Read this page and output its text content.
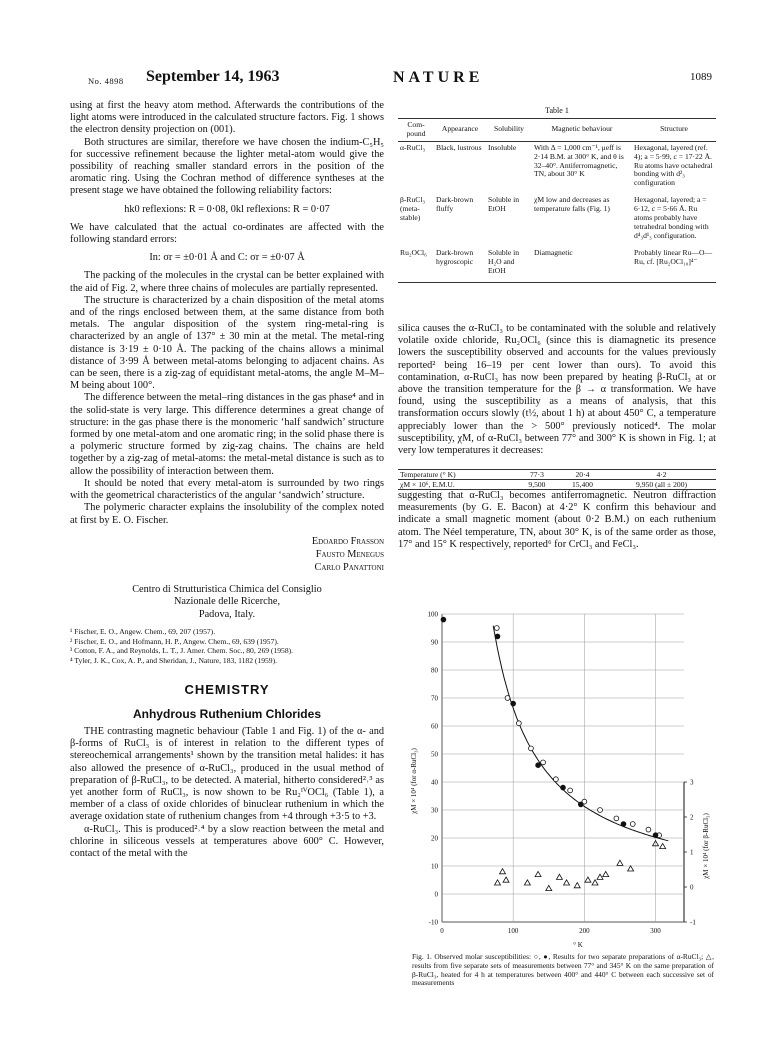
No. 4898 September 14, 1963	NATURE	1089

using at first the heavy atom method. Afterwards the contributions of the light atoms were introduced in the calculated structure factors. Fig. 1 shows the electron density projection on (001).

Both structures are similar, therefore we have chosen the indium-C₅H₅ for successive refinement because the lighter metal-atom would give the possibility of reaching smaller standard errors in the position of the aromatic ring. Using the Cochran method of difference syntheses at the present stage we have obtained the following reliability factors:

hk0 reflexions: R = 0·08, 0kl reflexions: R = 0·07

We have calculated that the actual co-ordinates are affected with the following standard errors:

In: σr = ±0·01 Å and C: σr = ±0·07 Å

The packing of the molecules in the crystal can be better explained with the aid of Fig. 2, where three chains of molecules are partially represented.

The structure is characterized by a chain disposition of the metal atoms and of the rings enclosed between them, at the same distance from both metals. The angular disposition of the system ring-metal-ring is characterized by an angle of 137° ± 30 min at the metal. The metal-ring distance is 3·19 ± 0·10 Å. The packing of the chains allows a minimal distance of 3·99 Å between metal-atoms belonging to adjacent chains. As can be seen, there is a zig-zag of equidistant metal-atoms, the angle M–M–M being about 100°.

The difference between the metal–ring distances in the gas phase⁴ and in the solid-state is very large. This difference determines a great change of structure: in the gas phase there is the monomeric ‘half sandwich’ structure formed by one metal-atom and one aromatic ring; in the solid phase there is a polymeric structure formed by zig-zag chains. The chains are held together by a zig-zag of metal-atoms: the metal-metal distance is such as to allow the possibility of interaction between them.

It should be noted that every metal-atom is surrounded by two rings with the geometrical characteristics of the angular ‘sandwich’ structure.

The polymeric character explains the insolubility of the complex noted at first by E. O. Fischer.

Edoardo Frasson
Fausto Menegus
Carlo Panattoni
Centro di Strutturistica Chimica del Consiglio
Nazionale delle Ricerche,
Padova, Italy.
¹ Fischer, E. O., Angew. Chem., 69, 207 (1957).
² Fischer, E. O., and Hofmann, H. P., Angew. Chem., 69, 639 (1957).
³ Cotton, F. A., and Reynolds, L. T., J. Amer. Chem. Soc., 80, 269 (1958).
⁴ Tyler, J. K., Cox, A. P., and Sheridan, J., Nature, 183, 1182 (1959).
CHEMISTRY
Anhydrous Ruthenium Chlorides

THE contrasting magnetic behaviour (Table 1 and Fig. 1) of the α- and β-forms of RuCl₃ is of interest in relation to the different types of stereochemical arrangements¹ shown by the transition metal halides: it has also allowed the presence of α-RuCl₃, produced in the usual method of preparation of β-RuCl₃, to be detected. A material, hitherto considered²˒³ as yet another form of RuCl₃, is now shown to be Ru₂ᴵⱽOCl₆ (Table 1), a member of a class of oxide chlorides of binuclear ruthenium in which the average oxidation state of ruthenium changes from +4 through +3·5 to +3.

α-RuCl₃. This is produced²˒⁴ by a slow reaction between the metal and chlorine in siliceous vessels at temperatures above 600° C. However, contact of the metal with the

Table 1
Com-pound	Appearance	Solubility	Magnetic behaviour	Structure
α-RuCl₃	Black, lustrous	Insoluble	With Δ = 1,000 cm⁻¹, μeff is 2·14 B.M. at 300° K, and θ is 32–40°. Antiferromagnetic, TN, about 30° K	Hexagonal, layered (ref. 4); a = 5·99, c = 17·22 Å. Ru atoms have octahedral bonding with d²₃ configuration
β-RuCl₃ (meta-stable)	Dark-brown fluffy	Soluble in EtOH	χM low and decreases as temperature falls (Fig. 1)	Hexagonal, layered; a = 6·12, c = 5·66 Å. Ru atoms probably have tetrahedral bonding with d⁴₃d¹₃ configuration.
Ru₂OCl₆	Dark-brown hygroscopic	Soluble in H₂O and EtOH	Diamagnetic	Probably linear Ru—O—Ru, cf. [Ru₂OCl₁₀]⁴⁻

silica causes the α-RuCl₃ to be contaminated with the soluble and relatively volatile oxide chloride, Ru₂OCl₆ (since this is diamagnetic its presence lowers the susceptibility observed and accounts for the values previously reported² being 16–19 per cent lower than ours). To avoid this contamination, α-RuCl₃ has now been prepared by heating β-RuCl₃ at or above the transition temperature for the β → α transformation. We have found, using the susceptibility as a means of analysis, that this transformation occurs slowly (t½, about 1 h) at about 450° C, a temperature appreciably lower than the > 500° previously noticed⁴. The molar susceptibility, χM, of α-RuCl₃ between 77° and 300° K is shown in Fig. 1; at very low temperatures it decreases:

Temperature (° K)	77·3	20·4	4·2
χM × 10⁶, E.M.U.	9,500	15,400	9,950 (all ± 200)

suggesting that α-RuCl₃ becomes antiferromagnetic. Neutron diffraction measurements (by G. E. Bacon) at 4·2° K confirm this behaviour and indicate a small magnetic moment (about 0·2 B.M.) on each ruthenium atom. The Néel temperature, TN, about 30° K, is of the same order as those, 17° and 15° K respectively, reported⁶ for CrCl₃ and FeCl₃.

-10
0
10
20
30
40
50
60
70
80
90
100
0	100	200	300
-1
0
1
2
3
χM × 10⁴ (for α-RuCl₃)
χM × 10⁴ (for β-RuCl₃)
° K
Fig. 1. Observed molar susceptibilities: ○, ●, Results for two separate preparations of α-RuCl₃; △, results from five separate sets of measurements between 77° and 345° K on the same preparation of β-RuCl₃, heated for 4 h at temperatures between 400° and 440° C between each successive set of measurements
